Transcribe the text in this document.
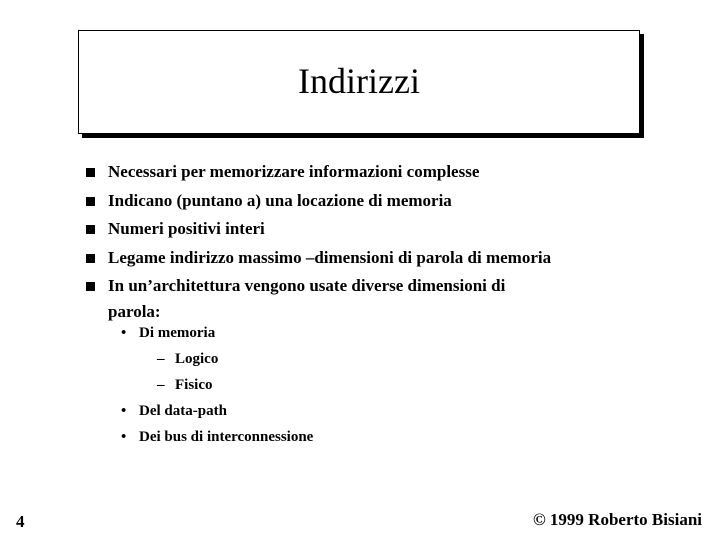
Indirizzi
Necessari per memorizzare informazioni complesse
Indicano (puntano a) una locazione di memoria
Numeri positivi interi
Legame indirizzo massimo –dimensioni di parola di memoria
In un’architettura vengono usate diverse dimensioni di
parola:
• Di memoria
– Logico
– Fisico
• Del data-path
• Dei bus di interconnessione
4	© 1999 Roberto Bisiani
